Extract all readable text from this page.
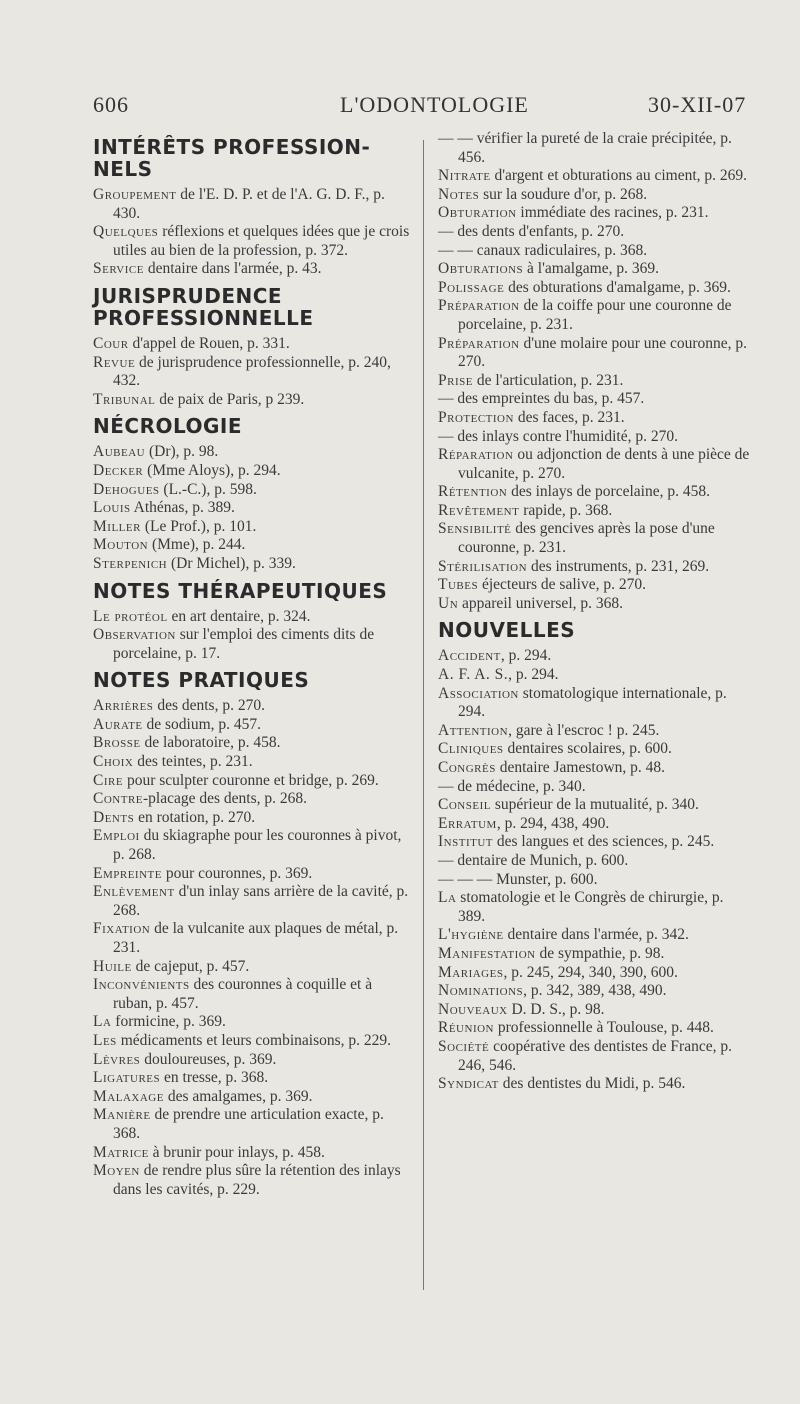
606	L'ODONTOLOGIE	30-XII-07
INTÉRÊTS PROFESSION-NELS

Groupement de l'E. D. P. et de l'A. G. D. F., p. 430.

Quelques réflexions et quelques idées que je crois utiles au bien de la profession, p. 372.

Service dentaire dans l'armée, p. 43.

JURISPRUDENCE PROFESSIONNELLE

Cour d'appel de Rouen, p. 331.

Revue de jurisprudence professionnelle, p. 240, 432.

Tribunal de paix de Paris, p 239.

NÉCROLOGIE

Aubeau (Dr), p. 98.

Decker (Mme Aloys), p. 294.

Dehogues (L.-C.), p. 598.

Louis Athénas, p. 389.

Miller (Le Prof.), p. 101.

Mouton (Mme), p. 244.

Sterpenich (Dr Michel), p. 339.

NOTES THÉRAPEUTIQUES

Le protéol en art dentaire, p. 324.

Observation sur l'emploi des ciments dits de porcelaine, p. 17.

NOTES PRATIQUES

Arrières des dents, p. 270.

Aurate de sodium, p. 457.

Brosse de laboratoire, p. 458.

Choix des teintes, p. 231.

Cire pour sculpter couronne et bridge, p. 269.

Contre-placage des dents, p. 268.

Dents en rotation, p. 270.

Emploi du skiagraphe pour les couronnes à pivot, p. 268.

Empreinte pour couronnes, p. 369.

Enlèvement d'un inlay sans arrière de la cavité, p. 268.

Fixation de la vulcanite aux plaques de métal, p. 231.

Huile de cajeput, p. 457.

Inconvénients des couronnes à coquille et à ruban, p. 457.

La formicine, p. 369.

Les médicaments et leurs combinaisons, p. 229.

Lèvres douloureuses, p. 369.

Ligatures en tresse, p. 368.

Malaxage des amalgames, p. 369.

Manière de prendre une articulation exacte, p. 368.

Matrice à brunir pour inlays, p. 458.

Moyen de rendre plus sûre la rétention des inlays dans les cavités, p. 229.

— — vérifier la pureté de la craie précipitée, p. 456.

Nitrate d'argent et obturations au ciment, p. 269.

Notes sur la soudure d'or, p. 268.

Obturation immédiate des racines, p. 231.

— des dents d'enfants, p. 270.

— — canaux radiculaires, p. 368.

Obturations à l'amalgame, p. 369.

Polissage des obturations d'amalgame, p. 369.

Préparation de la coiffe pour une couronne de porcelaine, p. 231.

Préparation d'une molaire pour une couronne, p. 270.

Prise de l'articulation, p. 231.

— des empreintes du bas, p. 457.

Protection des faces, p. 231.

— des inlays contre l'humidité, p. 270.

Réparation ou adjonction de dents à une pièce de vulcanite, p. 270.

Rétention des inlays de porcelaine, p. 458.

Revêtement rapide, p. 368.

Sensibilité des gencives après la pose d'une couronne, p. 231.

Stérilisation des instruments, p. 231, 269.

Tubes éjecteurs de salive, p. 270.

Un appareil universel, p. 368.

NOUVELLES

Accident, p. 294.

A. F. A. S., p. 294.

Association stomatologique internationale, p. 294.

Attention, gare à l'escroc ! p. 245.

Cliniques dentaires scolaires, p. 600.

Congrès dentaire Jamestown, p. 48.

— de médecine, p. 340.

Conseil supérieur de la mutualité, p. 340.

Erratum, p. 294, 438, 490.

Institut des langues et des sciences, p. 245.

— dentaire de Munich, p. 600.

— — — Munster, p. 600.

La stomatologie et le Congrès de chirurgie, p. 389.

L'hygiène dentaire dans l'armée, p. 342.

Manifestation de sympathie, p. 98.

Mariages, p. 245, 294, 340, 390, 600.

Nominations, p. 342, 389, 438, 490.

Nouveaux D. D. S., p. 98.

Réunion professionnelle à Toulouse, p. 448.

Société coopérative des dentistes de France, p. 246, 546.

Syndicat des dentistes du Midi, p. 546.
